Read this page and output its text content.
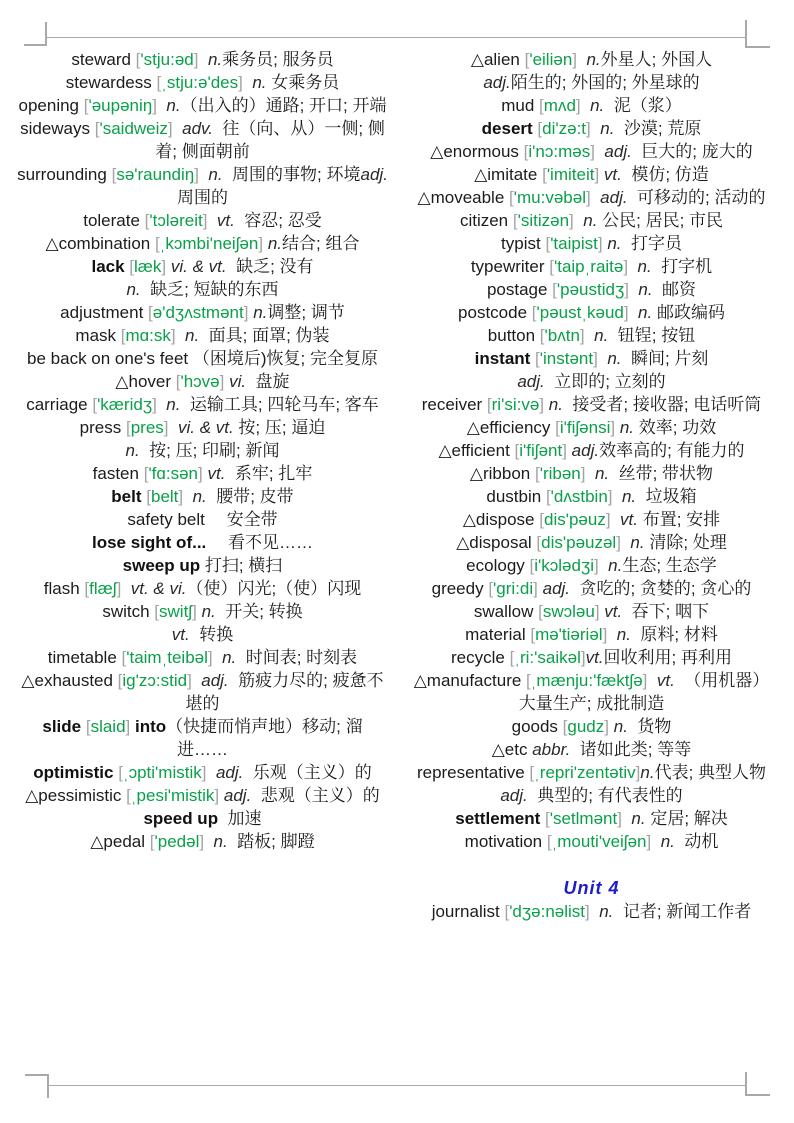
steward ['stju:əd] n.乘务员; 服务员

stewardess [ˌstju:ə'des] n. 女乘务员

opening ['əupəniŋ] n.（出入的）通路; 开口; 开端

sideways ['saidweiz] adv.  往（向、从）一侧; 侧着; 侧面朝前

surrounding [sə'raundiŋ] n.  周围的事物; 环境adj.  周围的

tolerate ['tɔləreit] vt.  容忍; 忍受

△combination [ˌkɔmbi'neiʃən] n.结合; 组合

lack [læk] vi. & vt.  缺乏; 没有
n.  缺乏; 短缺的东西

adjustment [ə'dʒʌstmənt] n.调整; 调节

mask [mɑ:sk] n.  面具; 面罩; 伪装

be back on one's feet （困境后)恢复; 完全复原

△hover ['hɔvə] vi.  盘旋

carriage ['kæridʒ] n.  运输工具; 四轮马车; 客车

press [pres] vi. & vt. 按; 压; 逼迫
n.  按; 压; 印刷; 新闻

fasten ['fɑ:sən] vt.  系牢; 扎牢

belt [belt] n.  腰带; 皮带

safety belt　 安全带

lose sight of...　 看不见……

sweep up 打扫; 横扫

flash [flæʃ] vt. & vi.（使）闪光;（使）闪现

switch [switʃ] n.  开关; 转换
vt.  转换

timetable ['taimˌteibəl] n.  时间表; 时刻表

△exhausted [ig'zɔ:stid] adj.  筋疲力尽的; 疲惫不堪的

slide [slaid] into（快捷而悄声地）移动; 溜进……

optimistic [ˌɔpti'mistik] adj.  乐观（主义）的

△pessimistic [ˌpesi'mistik] adj.  悲观（主义）的

speed up  加速

△pedal ['pedəl] n.  踏板; 脚蹬

△alien ['eiliən] n.外星人; 外国人
adj.陌生的; 外国的; 外星球的

mud [mʌd] n.  泥（浆）

desert [di'zə:t] n.  沙漠; 荒原

△enormous [i'nɔ:məs] adj.  巨大的; 庞大的

△imitate ['imiteit] vt.  模仿; 仿造

△moveable ['mu:vəbəl] adj.  可移动的; 活动的

citizen ['sitizən] n. 公民; 居民; 市民

typist ['taipist] n.  打字员

typewriter ['taipˌraitə] n.  打字机

postage ['pəustidʒ] n.  邮资

postcode ['pəustˌkəud] n. 邮政编码

button ['bʌtn] n.  钮锃; 按钮

instant ['instənt] n.  瞬间; 片刻
adj.  立即的; 立刻的

receiver [ri'si:və] n.  接受者; 接收器; 电话听筒

△efficiency [i'fiʃənsi] n. 效率; 功效

△efficient [i'fiʃənt] adj.效率高的; 有能力的

△ribbon ['ribən] n.  丝带; 带状物

dustbin ['dʌstbin] n.  垃圾箱

△dispose [dis'pəuz] vt. 布置; 安排

△disposal [dis'pəuzəl] n. 清除; 处理

ecology [i'kɔlədʒi] n.生态; 生态学

greedy ['gri:di] adj.  贪吃的; 贪婪的; 贪心的

swallow [swɔləu] vt.  吞下; 咽下

material [mə'tiəriəl] n.  原料; 材料

recycle [ˌri:'saikəl]vt.回收利用; 再利用

△manufacture [ˌmænju:'fæktʃə] vt.  （用机器）大量生产; 成批制造

goods [gudz] n.  货物

△etc abbr.  诸如此类; 等等

representative [ˌrepri'zentətiv]n.代表; 典型人物adj.  典型的; 有代表性的

settlement ['setlmənt] n. 定居; 解决

motivation [ˌmouti'veiʃən] n.  动机

Unit 4

journalist ['dʒə:nəlist] n.  记者; 新闻工作者
